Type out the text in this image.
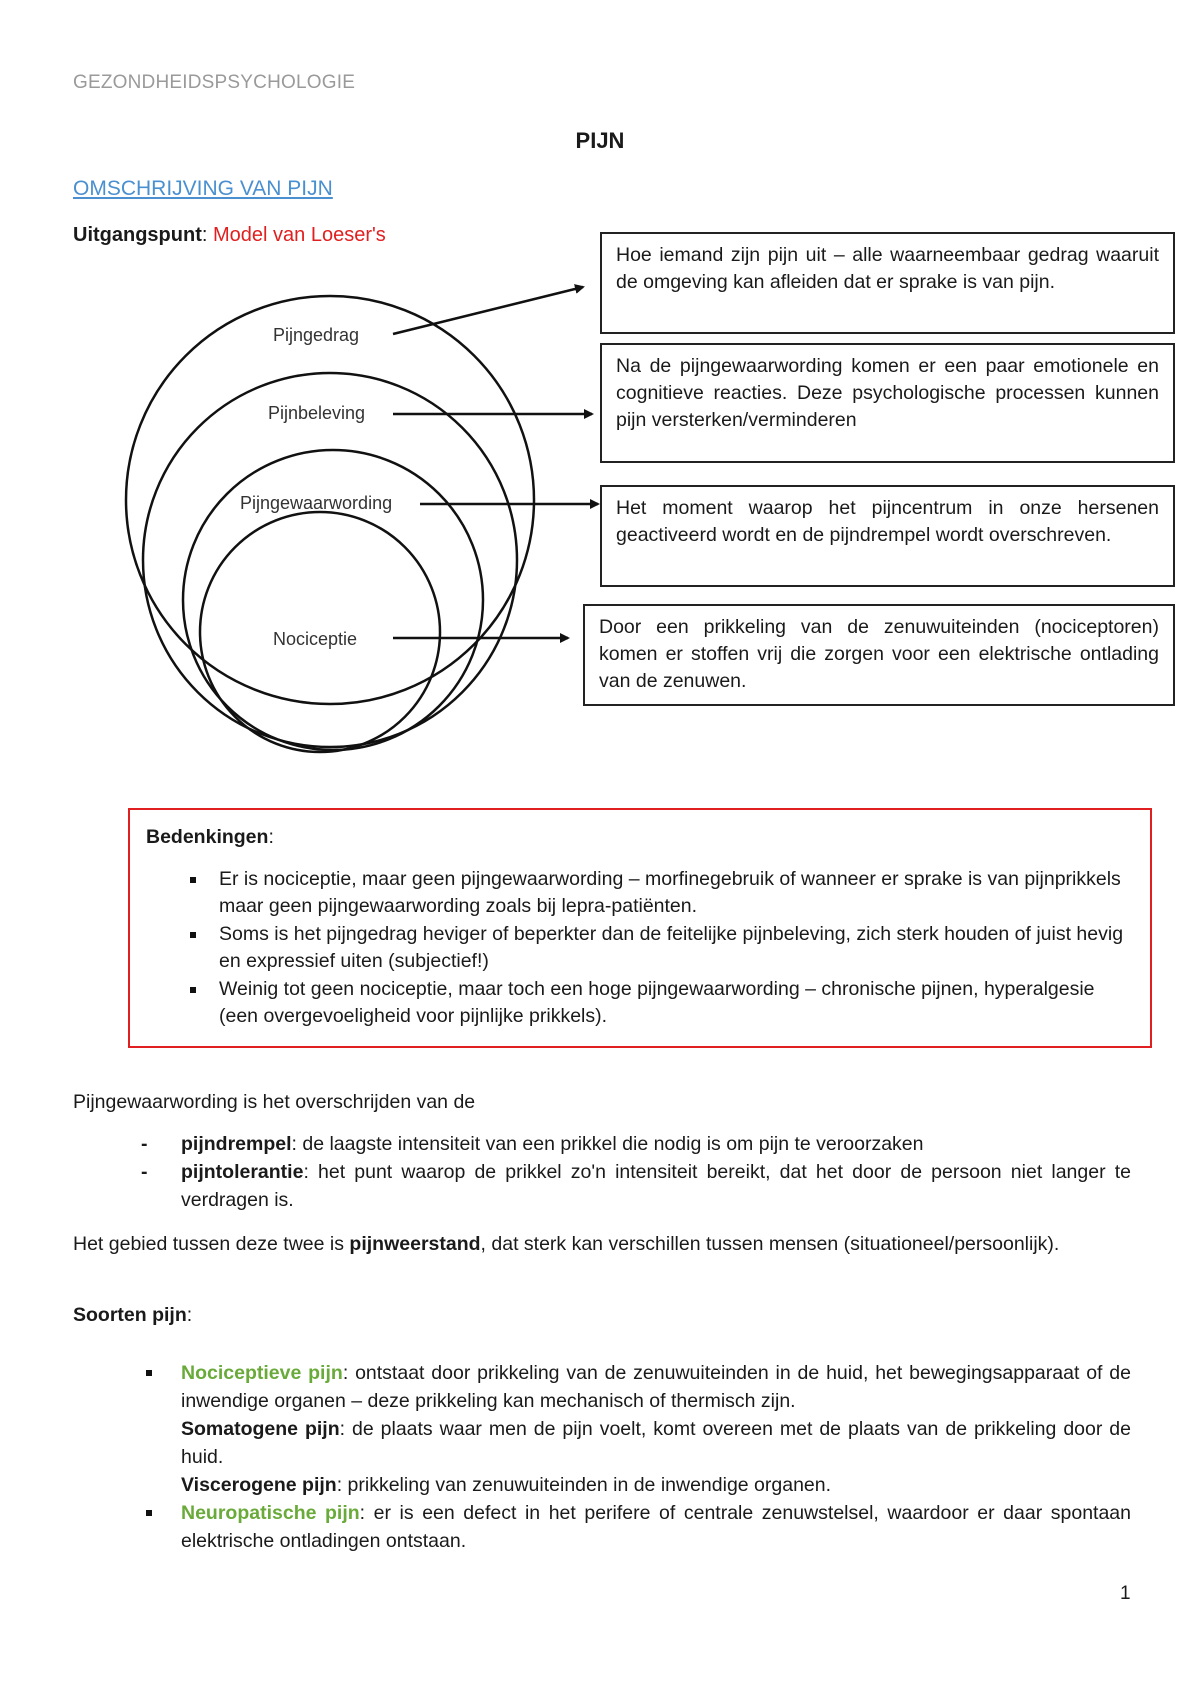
GEZONDHEIDSPSYCHOLOGIE
PIJN
OMSCHRIJVING VAN PIJN
Uitgangspunt: Model van Loeser's
Pijngedrag
Pijnbeleving
Pijngewaarwording
Nociceptie
Hoe iemand zijn pijn uit – alle waarneembaar gedrag waaruit de omgeving kan afleiden dat er sprake is van pijn.
Na de pijngewaarwording komen er een paar emotionele en cognitieve reacties. Deze psychologische processen kunnen pijn versterken/verminderen
Het moment waarop het pijncentrum in onze hersenen geactiveerd wordt en de pijndrempel wordt overschreven.
Door een prikkeling van de zenuwuiteinden (nociceptoren) komen er stoffen vrij die zorgen voor een elektrische ontlading van de zenuwen.
Bedenkingen:
Er is nociceptie, maar geen pijngewaarwording – morfinegebruik of wanneer er sprake is van pijnprikkels maar geen pijngewaarwording zoals bij lepra-patiënten.
Soms is het pijngedrag heviger of beperkter dan de feitelijke pijnbeleving, zich sterk houden of juist hevig en expressief uiten (subjectief!)
Weinig tot geen nociceptie, maar toch een hoge pijngewaarwording – chronische pijnen, hyperalgesie (een overgevoeligheid voor pijnlijke prikkels).
Pijngewaarwording is het overschrijden van de
- pijndrempel: de laagste intensiteit van een prikkel die nodig is om pijn te veroorzaken
- pijntolerantie: het punt waarop de prikkel zo'n intensiteit bereikt, dat het door de persoon niet langer te verdragen is.
Het gebied tussen deze twee is pijnweerstand, dat sterk kan verschillen tussen mensen (situationeel/persoonlijk).
Soorten pijn:
Nociceptieve pijn: ontstaat door prikkeling van de zenuwuiteinden in de huid, het bewegingsapparaat of de inwendige organen – deze prikkeling kan mechanisch of thermisch zijn.
Somatogene pijn: de plaats waar men de pijn voelt, komt overeen met de plaats van de prikkeling door de huid.
Viscerogene pijn: prikkeling van zenuwuiteinden in de inwendige organen.
Neuropatische pijn: er is een defect in het perifere of centrale zenuwstelsel, waardoor er daar spontaan elektrische ontladingen ontstaan.
1
